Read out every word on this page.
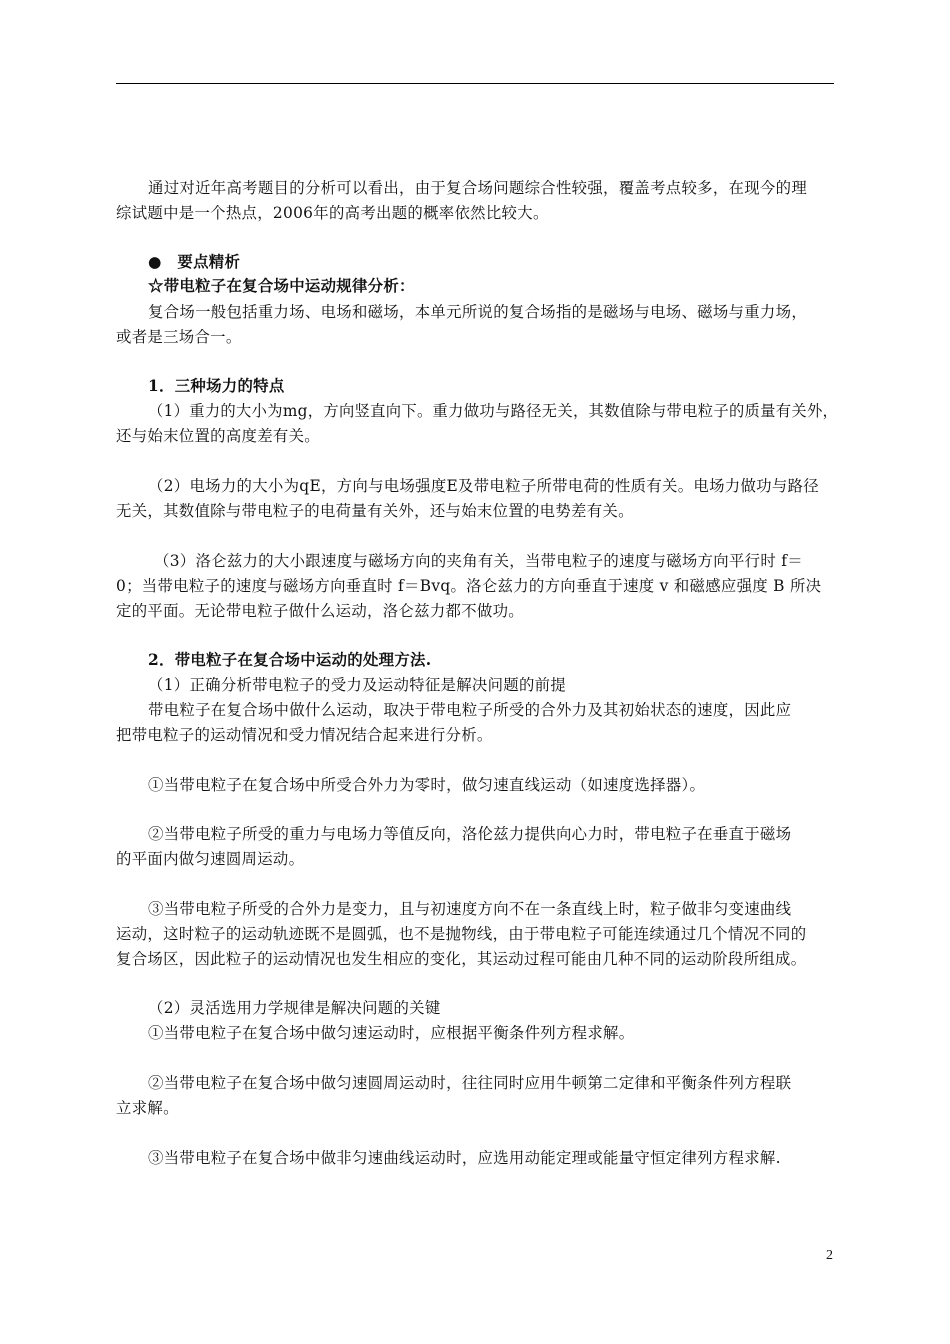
通过对近年高考题目的分析可以看出，由于复合场问题综合性较强，覆盖考点较多，在现今的理
综试题中是一个热点，2006年的高考出题的概率依然比较大。
● 要点精析
☆带电粒子在复合场中运动规律分析：
复合场一般包括重力场、电场和磁场，本单元所说的复合场指的是磁场与电场、磁场与重力场，
或者是三场合一。
1．三种场力的特点
（1）重力的大小为mg，方向竖直向下。重力做功与路径无关，其数值除与带电粒子的质量有关外，
还与始末位置的高度差有关。
（2）电场力的大小为qE，方向与电场强度E及带电粒子所带电荷的性质有关。电场力做功与路径
无关，其数值除与带电粒子的电荷量有关外，还与始末位置的电势差有关。
（3）洛仑兹力的大小跟速度与磁场方向的夹角有关，当带电粒子的速度与磁场方向平行时 f＝
0；当带电粒子的速度与磁场方向垂直时 f＝Bvq。洛仑兹力的方向垂直于速度 v 和磁感应强度 B 所决
定的平面。无论带电粒子做什么运动，洛仑兹力都不做功。
2．带电粒子在复合场中运动的处理方法.
（1）正确分析带电粒子的受力及运动特征是解决问题的前提
带电粒子在复合场中做什么运动，取决于带电粒子所受的合外力及其初始状态的速度，因此应
把带电粒子的运动情况和受力情况结合起来进行分析。
①当带电粒子在复合场中所受合外力为零时，做匀速直线运动（如速度选择器）。
②当带电粒子所受的重力与电场力等值反向，洛伦兹力提供向心力时，带电粒子在垂直于磁场
的平面内做匀速圆周运动。
③当带电粒子所受的合外力是变力，且与初速度方向不在一条直线上时，粒子做非匀变速曲线
运动，这时粒子的运动轨迹既不是圆弧，也不是抛物线，由于带电粒子可能连续通过几个情况不同的
复合场区，因此粒子的运动情况也发生相应的变化，其运动过程可能由几种不同的运动阶段所组成。
（2）灵活选用力学规律是解决问题的关键
①当带电粒子在复合场中做匀速运动时，应根据平衡条件列方程求解。
②当带电粒子在复合场中做匀速圆周运动时，往往同时应用牛顿第二定律和平衡条件列方程联
立求解。
③当带电粒子在复合场中做非匀速曲线运动时，应选用动能定理或能量守恒定律列方程求解.
2
